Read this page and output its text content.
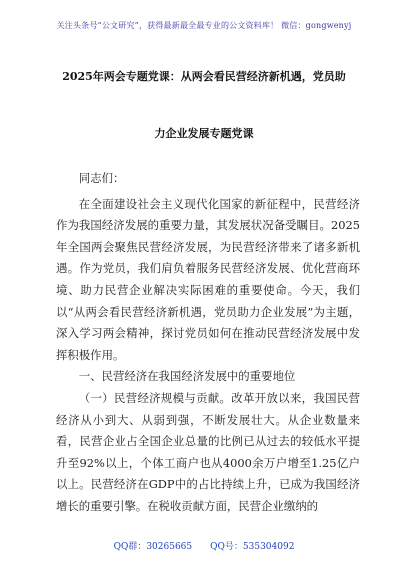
关注头条号“公文研究”，获得最新最全最专业的公文资料库！ 微信：gongwenyj
2025年两会专题党课：从两会看民营经济新机遇，党员助
力企业发展专题党课

同志们：

在全面建设社会主义现代化国家的新征程中，民营经济作为我国经济发展的重要力量，其发展状况备受瞩目。2025年全国两会聚焦民营经济发展，为民营经济带来了诸多新机遇。作为党员，我们肩负着服务民营经济发展、优化营商环境、助力民营企业解决实际困难的重要使命。今天，我们以“从两会看民营经济新机遇，党员助力企业发展”为主题，深入学习两会精神，探讨党员如何在推动民营经济发展中发挥积极作用。

一、民营经济在我国经济发展中的重要地位

（一）民营经济规模与贡献。改革开放以来，我国民营经济从小到大、从弱到强，不断发展壮大。从企业数量来看，民营企业占全国企业总量的比例已从过去的较低水平提升至92%以上，个体工商户也从4000余万户增至1.25亿户以上。民营经济在GDP中的占比持续上升，已成为我国经济增长的重要引擎。在税收贡献方面，民营企业缴纳的

QQ群：30265665 QQ号：535304092
